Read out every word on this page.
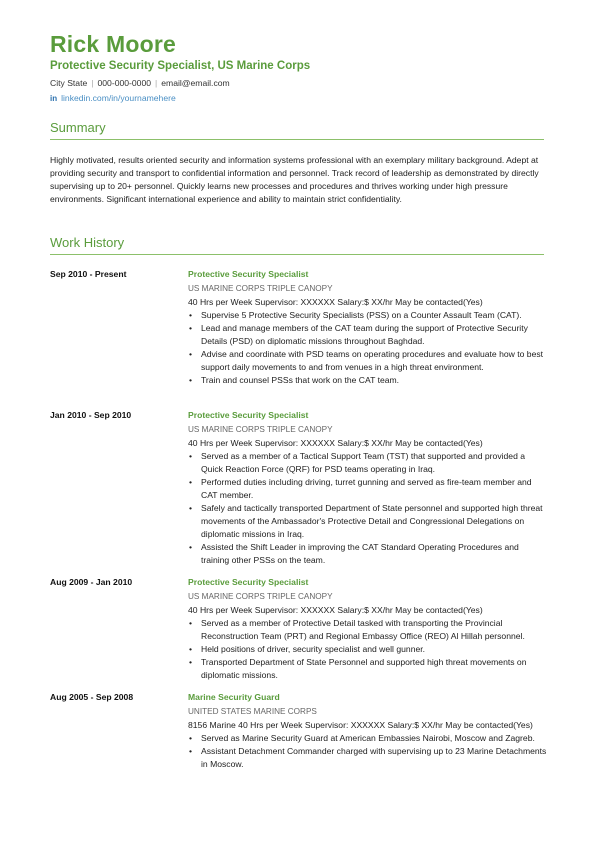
Rick Moore
Protective Security Specialist, US Marine Corps
City State | 000-000-0000 | email@email.com
in linkedin.com/in/yournamehere
Summary

Highly motivated, results oriented security and information systems professional with an exemplary military background. Adept at providing security and transport to confidential information and personnel. Track record of leadership as demonstrated by directly supervising up to 20+ personnel. Quickly learns new processes and procedures and thrives working under high pressure environments. Significant international experience and ability to maintain strict confidentiality.

Work History
Sep 2010 - Present	Protective Security Specialist
US MARINE CORPS TRIPLE CANOPY
40 Hrs per Week Supervisor: XXXXXX Salary:$ XX/hr May be contacted(Yes)
• Supervise 5 Protective Security Specialists (PSS) on a Counter Assault Team (CAT).
• Lead and manage members of the CAT team during the support of Protective Security Details (PSD) on diplomatic missions throughout Baghdad.
• Advise and coordinate with PSD teams on operating procedures and evaluate how to best support daily movements to and from venues in a high threat environment.
• Train and counsel PSSs that work on the CAT team.
Jan 2010 - Sep 2010	Protective Security Specialist
US MARINE CORPS TRIPLE CANOPY
40 Hrs per Week Supervisor: XXXXXX Salary:$ XX/hr May be contacted(Yes)
• Served as a member of a Tactical Support Team (TST) that supported and provided a Quick Reaction Force (QRF) for PSD teams operating in Iraq.
• Performed duties including driving, turret gunning and served as fire-team member and CAT member.
• Safely and tactically transported Department of State personnel and supported high threat movements of the Ambassador's Protective Detail and Congressional Delegations on diplomatic missions in Iraq.
• Assisted the Shift Leader in improving the CAT Standard Operating Procedures and training other PSSs on the team.
Aug 2009 - Jan 2010	Protective Security Specialist
US MARINE CORPS TRIPLE CANOPY
40 Hrs per Week Supervisor: XXXXXX Salary:$ XX/hr May be contacted(Yes)
• Served as a member of Protective Detail tasked with transporting the Provincial Reconstruction Team (PRT) and Regional Embassy Office (REO) Al Hillah personnel.
• Held positions of driver, security specialist and well gunner.
• Transported Department of State Personnel and supported high threat movements on diplomatic missions.
Aug 2005 - Sep 2008	Marine Security Guard
UNITED STATES MARINE CORPS
8156 Marine 40 Hrs per Week Supervisor: XXXXXX Salary:$ XX/hr May be contacted(Yes)
• Served as Marine Security Guard at American Embassies Nairobi, Moscow and Zagreb.
• Assistant Detachment Commander charged with supervising up to 23 Marine Detachments in Moscow.
